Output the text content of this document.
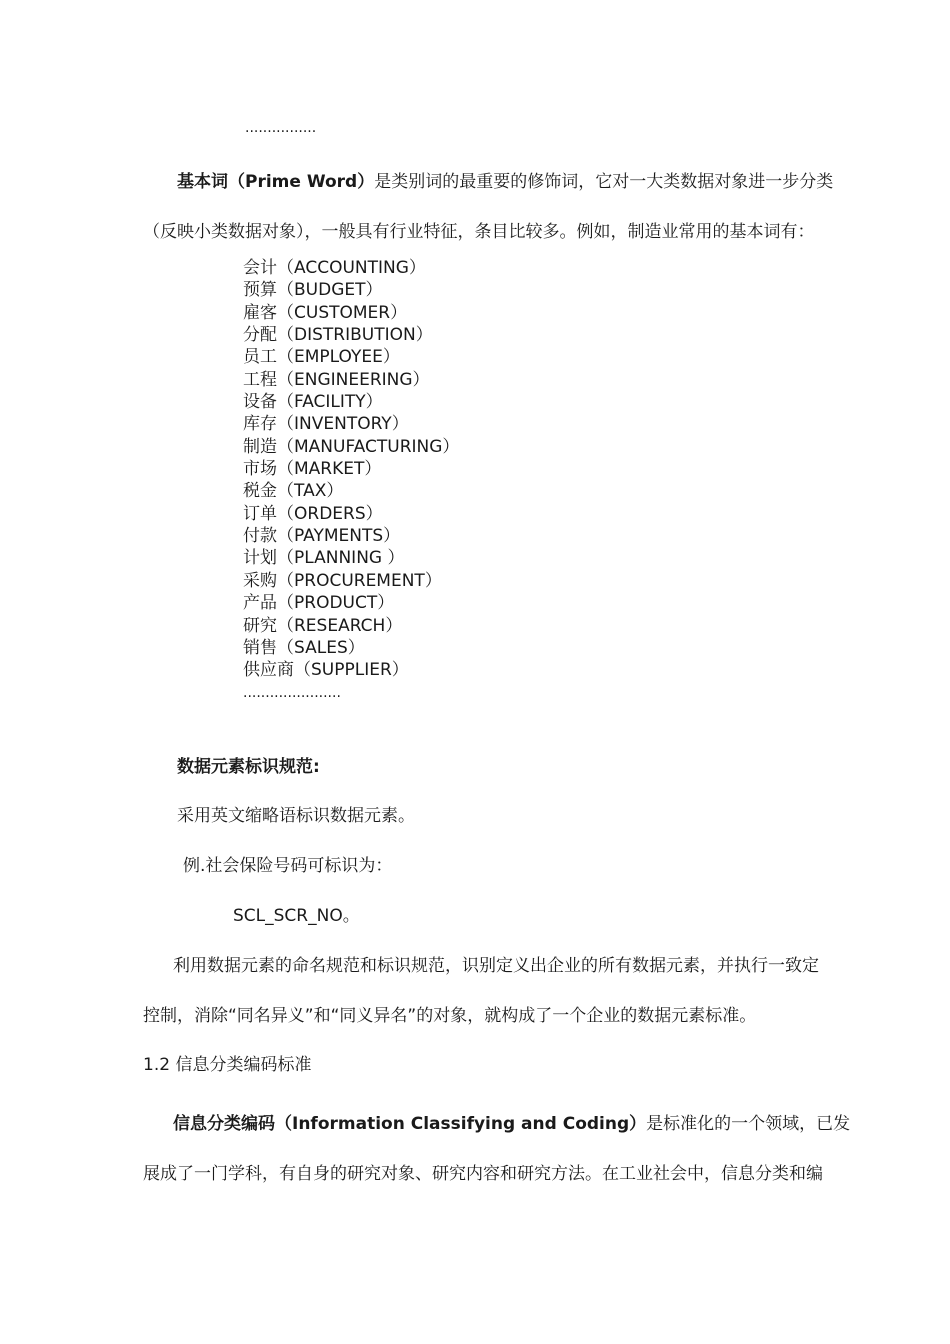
................
基本词（Prime Word）是类别词的最重要的修饰词，它对一大类数据对象进一步分类
（反映小类数据对象），一般具有行业特征，条目比较多。例如，制造业常用的基本词有：
会计（ACCOUNTING）
预算（BUDGET）
雇客（CUSTOMER）
分配（DISTRIBUTION）
员工（EMPLOYEE）
工程（ENGINEERING）
设备（FACILITY）
库存（INVENTORY）
制造（MANUFACTURING）
市场（MARKET）
税金（TAX）
订单（ORDERS）
付款（PAYMENTS）
计划（PLANNING ）
采购（PROCUREMENT）
产品（PRODUCT）
研究（RESEARCH）
销售（SALES）
供应商（SUPPLIER）
......................
数据元素标识规范:
采用英文缩略语标识数据元素。
例.社会保险号码可标识为：
SCL_SCR_NO。
利用数据元素的命名规范和标识规范，识别定义出企业的所有数据元素，并执行一致定
控制，消除“同名异义”和“同义异名”的对象，就构成了一个企业的数据元素标准。
1.2 信息分类编码标准
信息分类编码（Information Classifying and Coding）是标准化的一个领域，已发
展成了一门学科，有自身的研究对象、研究内容和研究方法。在工业社会中，信息分类和编
